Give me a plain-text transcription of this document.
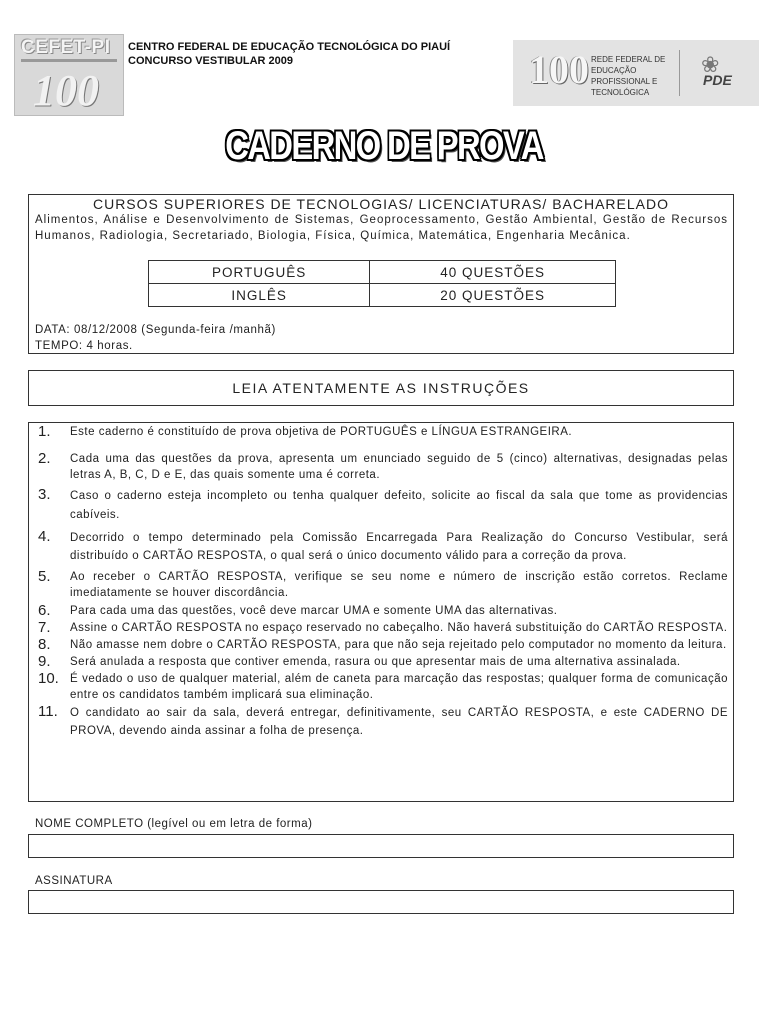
CEFET-PI
100
CENTRO FEDERAL DE EDUCAÇÃO TECNOLÓGICA DO PIAUÍ
CONCURSO VESTIBULAR 2009	100 REDE FEDERAL DE EDUCAÇÃO PROFISSIONAL E TECNOLÓGICA
❀
PDE
CADERNO DE PROVA
CURSOS SUPERIORES DE TECNOLOGIAS/ LICENCIATURAS/ BACHARELADO
Alimentos, Análise e Desenvolvimento de Sistemas, Geoprocessamento, Gestão Ambiental, Gestão de Recursos Humanos, Radiologia, Secretariado, Biologia, Física, Química, Matemática, Engenharia Mecânica.
PORTUGUÊS	40 QUESTÕES
INGLÊS	20 QUESTÕES
DATA: 08/12/2008 (Segunda-feira /manhã)
TEMPO: 4 horas.
LEIA ATENTAMENTE AS INSTRUÇÕES
1.	Este caderno é constituído de prova objetiva de PORTUGUÊS e LÍNGUA ESTRANGEIRA.
2.	Cada uma das questões da prova, apresenta um enunciado seguido de 5 (cinco) alternativas, designadas pelas letras A, B, C, D e E, das quais somente uma é correta.
3.	Caso o caderno esteja incompleto ou tenha qualquer defeito, solicite ao fiscal da sala que tome as providencias cabíveis.
4.	Decorrido o tempo determinado pela Comissão Encarregada Para Realização do Concurso Vestibular, será distribuído o CARTÃO RESPOSTA, o qual será o único documento válido para a correção da prova.
5.	Ao receber o CARTÃO RESPOSTA, verifique se seu nome e número de inscrição estão corretos. Reclame imediatamente se houver discordância.
6.	Para cada uma das questões, você deve marcar UMA e somente UMA das alternativas.
7.	Assine o CARTÃO RESPOSTA no espaço reservado no cabeçalho. Não haverá substituição do CARTÃO RESPOSTA.
8.	Não amasse nem dobre o CARTÃO RESPOSTA, para que não seja rejeitado pelo computador no momento da leitura.
9.	Será anulada a resposta que contiver emenda, rasura ou que apresentar mais de uma alternativa assinalada.
10. É vedado o uso de qualquer material, além de caneta para marcação das respostas; qualquer forma de comunicação entre os candidatos também implicará sua eliminação.
11.	O candidato ao sair da sala, deverá entregar, definitivamente, seu CARTÃO RESPOSTA, e este CADERNO DE PROVA, devendo ainda assinar a folha de presença.
NOME COMPLETO (legível ou em letra de forma)
ASSINATURA
